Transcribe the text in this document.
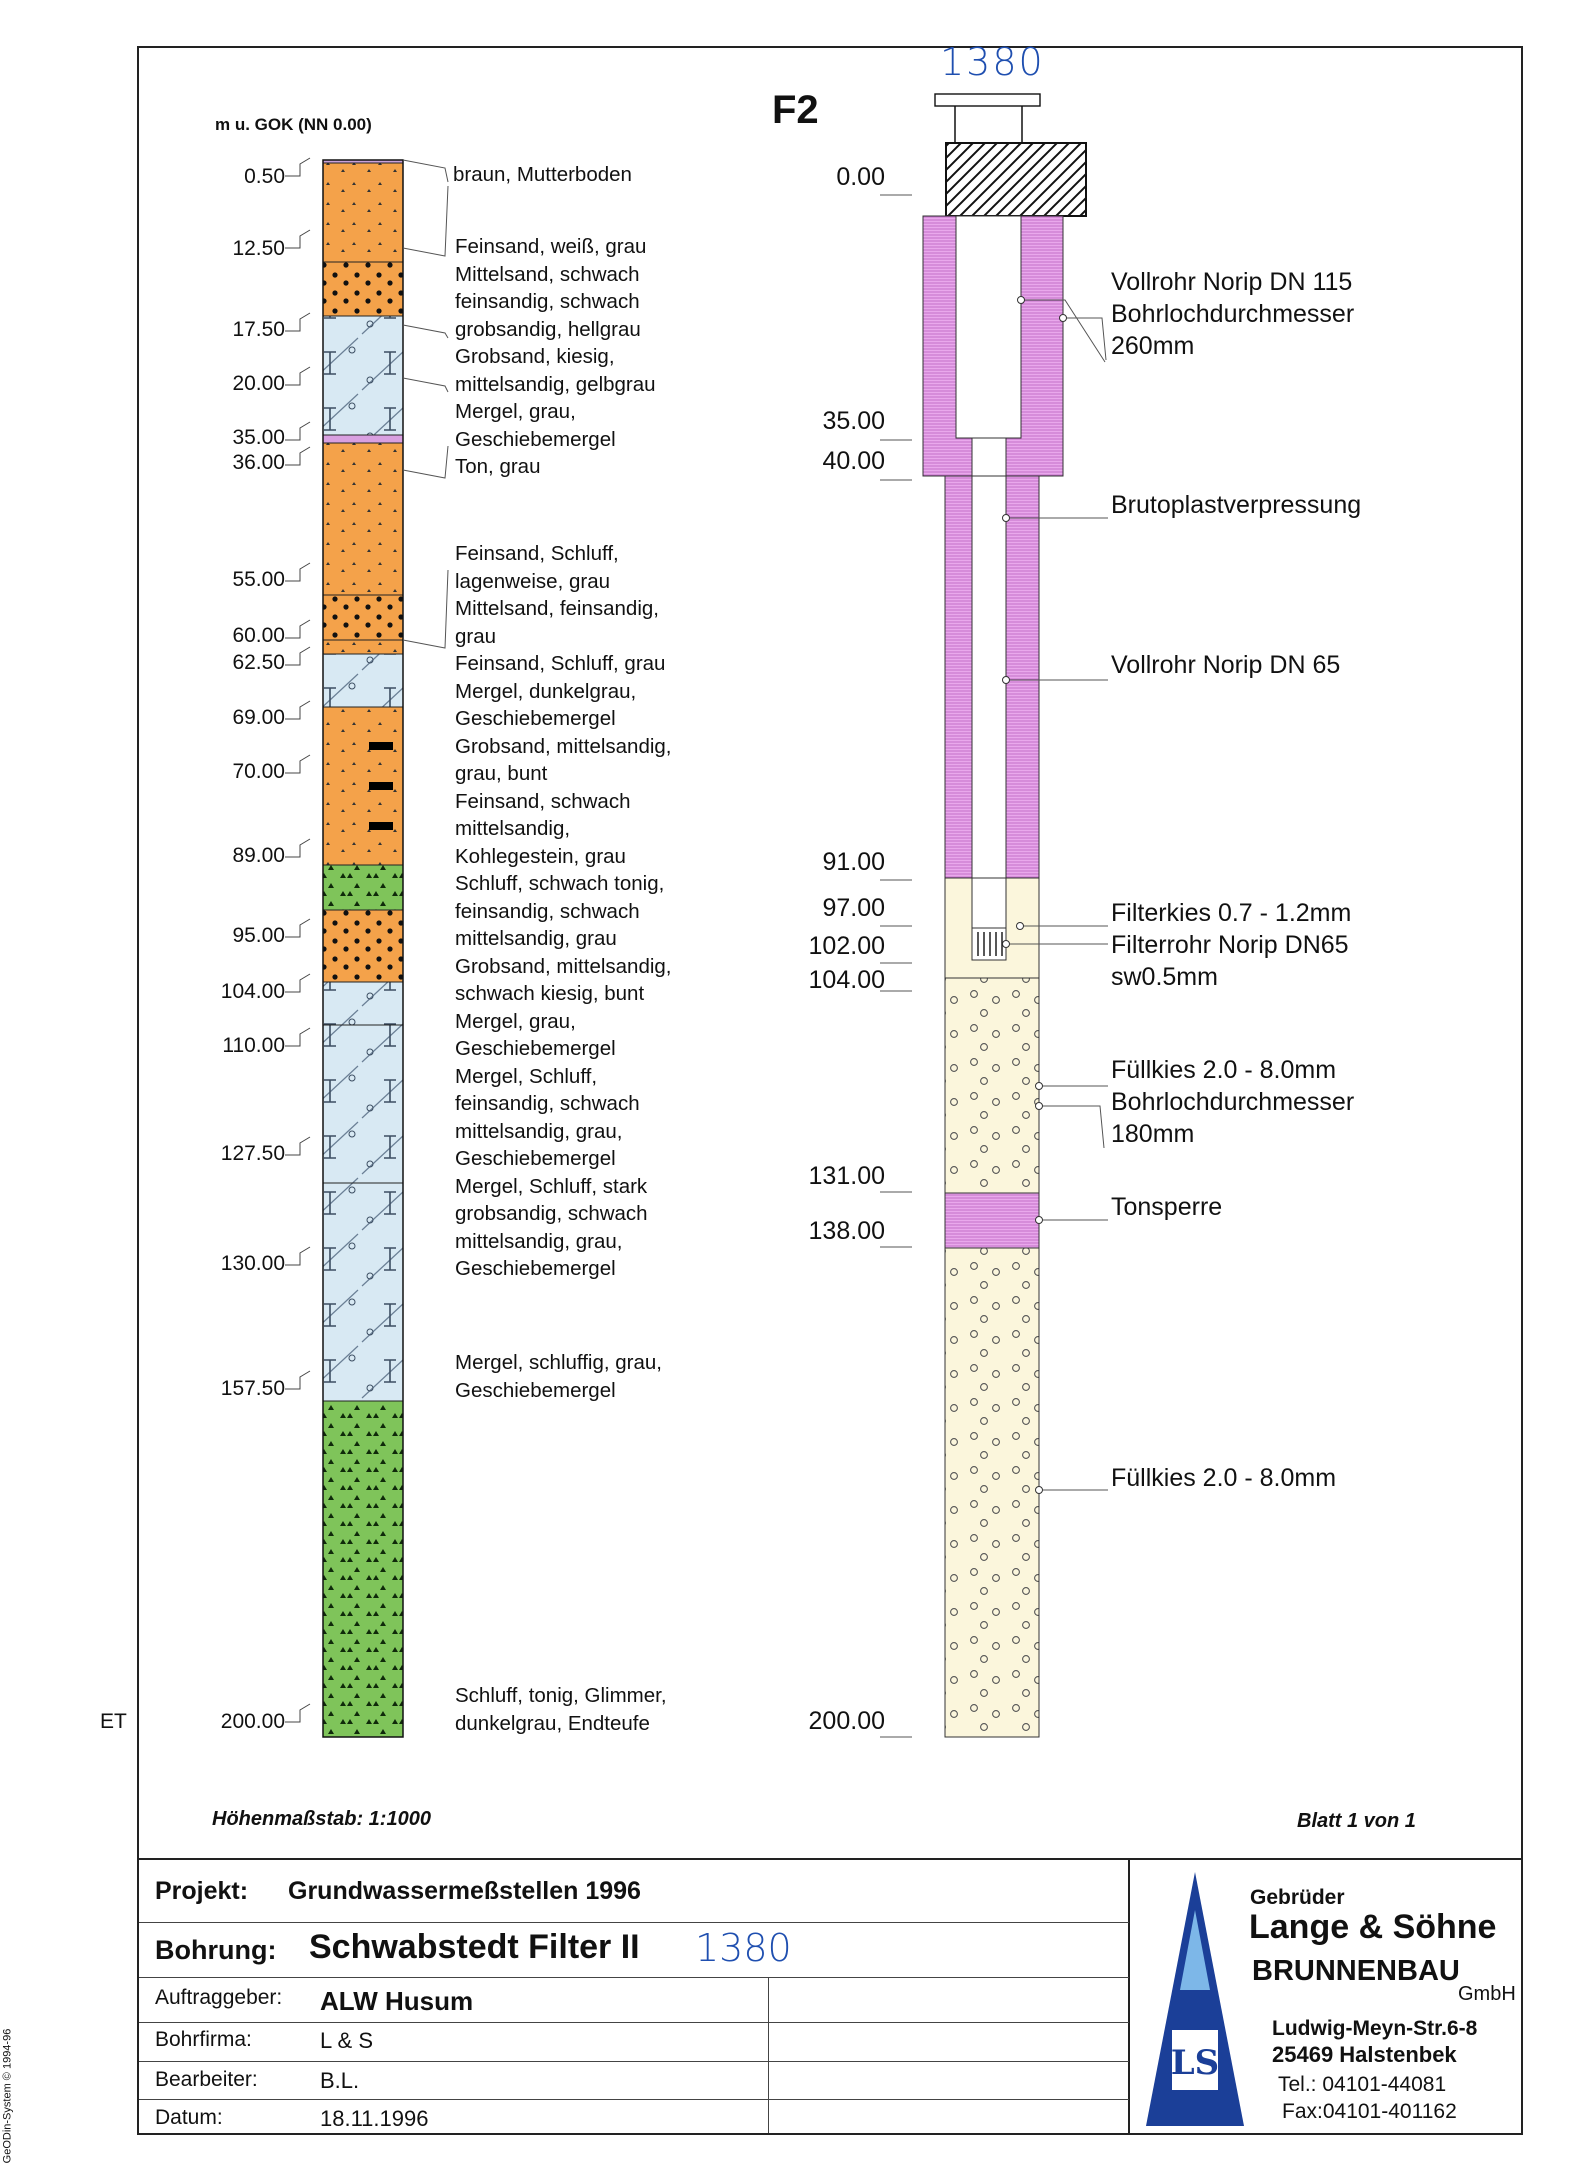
1380
F2
m u. GOK (NN 0.00)
0.50
12.50
17.50
20.00
35.00
36.00
55.00
60.00
62.50
69.00
70.00
89.00
95.00
104.00
110.00
127.50
130.00
157.50
200.00
ET
braun, Mutterboden
Feinsand, weiß, grau
Mittelsand, schwach
feinsandig, schwach
grobsandig, hellgrau
Grobsand, kiesig,
mittelsandig, gelbgrau
Mergel, grau,
Geschiebemergel
Ton, grau
Feinsand, Schluff,
lagenweise, grau
Mittelsand, feinsandig,
grau
Feinsand, Schluff, grau
Mergel, dunkelgrau,
Geschiebemergel
Grobsand, mittelsandig,
grau, bunt
Feinsand, schwach
mittelsandig,
Kohlegestein, grau
Schluff, schwach tonig,
feinsandig, schwach
mittelsandig, grau
Grobsand, mittelsandig,
schwach kiesig, bunt
Mergel, grau,
Geschiebemergel
Mergel, Schluff,
feinsandig, schwach
mittelsandig, grau,
Geschiebemergel
Mergel, Schluff, stark
grobsandig, schwach
mittelsandig, grau,
Geschiebemergel
Mergel, schluffig, grau,
Geschiebemergel
Schluff, tonig, Glimmer,
dunkelgrau, Endteufe
0.00
35.00
40.00
91.00
97.00
102.00
104.00
131.00
138.00
200.00
Vollrohr Norip DN 115
Bohrlochdurchmesser
260mm
Brutoplastverpressung
Vollrohr Norip DN 65
Filterkies 0.7 - 1.2mm
Filterrohr Norip DN65
sw0.5mm
Füllkies 2.0 - 8.0mm
Bohrlochdurchmesser
180mm
Tonsperre
Füllkies 2.0 - 8.0mm
Höhenmaßstab: 1:1000	Blatt 1 von 1
Projekt: Grundwassermeßstellen 1996
Bohrung: Schwabstedt Filter II 1380
Auftraggeber: ALW Husum
Bohrfirma:	L & S
Bearbeiter:	B.L.
Datum:	18.11.1996
LS
Gebrüder
Lange & Söhne
BRUNNENBAU
GmbH
Ludwig-Meyn-Str.6-8
25469 Halstenbek
Tel.: 04101-44081
Fax:04101-401162
GeODin-System © 1994-96
